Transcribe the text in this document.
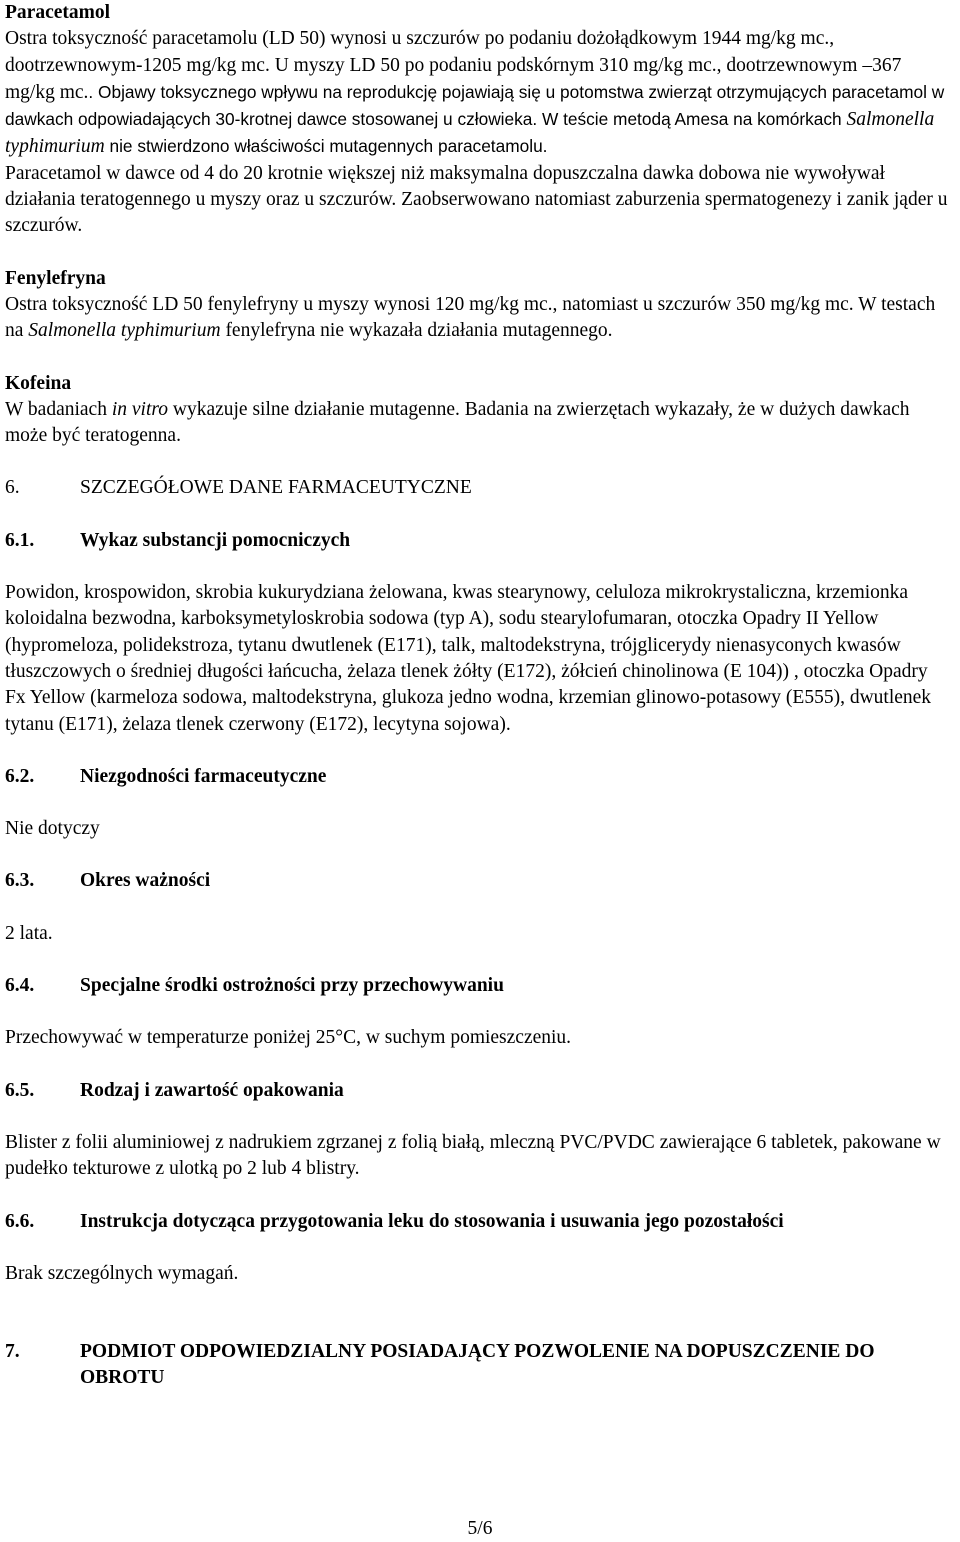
Paracetamol

Ostra toksyczność paracetamolu (LD 50) wynosi u szczurów po podaniu dożołądkowym 1944 mg/kg mc., dootrzewnowym-1205 mg/kg mc. U myszy LD 50 po podaniu podskórnym 310 mg/kg mc., dootrzewnowym –367 mg/kg mc.. Objawy toksycznego wpływu na reprodukcję pojawiają się u potomstwa zwierząt otrzymujących paracetamol w dawkach odpowiadających 30-krotnej dawce stosowanej u człowieka. W teście metodą Amesa na komórkach Salmonella typhimurium nie stwierdzono właściwości mutagennych paracetamolu.

Paracetamol w dawce od 4 do 20 krotnie większej niż maksymalna dopuszczalna dawka dobowa nie wywoływał działania teratogennego u myszy oraz u szczurów. Zaobserwowano natomiast zaburzenia spermatogenezy i zanik jąder u szczurów.

Fenylefryna

Ostra toksyczność LD 50 fenylefryny u myszy wynosi 120 mg/kg mc., natomiast u szczurów 350 mg/kg mc. W testach na Salmonella typhimurium fenylefryna nie wykazała działania mutagennego.

Kofeina

W badaniach in vitro wykazuje silne działanie mutagenne. Badania na zwierzętach wykazały, że w dużych dawkach może być teratogenna.

6.	SZCZEGÓŁOWE DANE FARMACEUTYCZNE
6.1.	Wykaz substancji pomocniczych

Powidon, krospowidon, skrobia kukurydziana żelowana, kwas stearynowy, celuloza mikrokrystaliczna, krzemionka koloidalna bezwodna, karboksymetyloskrobia sodowa (typ A), sodu stearylofumaran, otoczka Opadry II Yellow (hypromeloza, polidekstroza, tytanu dwutlenek (E171), talk, maltodekstryna, trójglicerydy nienasyconych kwasów tłuszczowych o średniej długości łańcucha, żelaza tlenek żółty (E172), żółcień chinolinowa (E 104)) , otoczka Opadry Fx Yellow (karmeloza sodowa, maltodekstryna, glukoza jedno wodna, krzemian glinowo-potasowy (E555), dwutlenek tytanu (E171), żelaza tlenek czerwony (E172), lecytyna sojowa).

6.2.	Niezgodności farmaceutyczne

Nie dotyczy

6.3.	Okres ważności

2 lata.

6.4.	Specjalne środki ostrożności przy przechowywaniu

Przechowywać w temperaturze poniżej 25°C, w suchym pomieszczeniu.

6.5.	Rodzaj i zawartość opakowania

Blister z folii aluminiowej z nadrukiem zgrzanej z folią białą, mleczną PVC/PVDC zawierające 6 tabletek, pakowane w pudełko tekturowe z ulotką po 2 lub 4 blistry.

6.6.	Instrukcja dotycząca przygotowania leku do stosowania i usuwania jego pozostałości

Brak szczególnych wymagań.

7.	PODMIOT ODPOWIEDZIALNY POSIADAJĄCY POZWOLENIE NA DOPUSZCZENIE DO OBROTU
5/6
